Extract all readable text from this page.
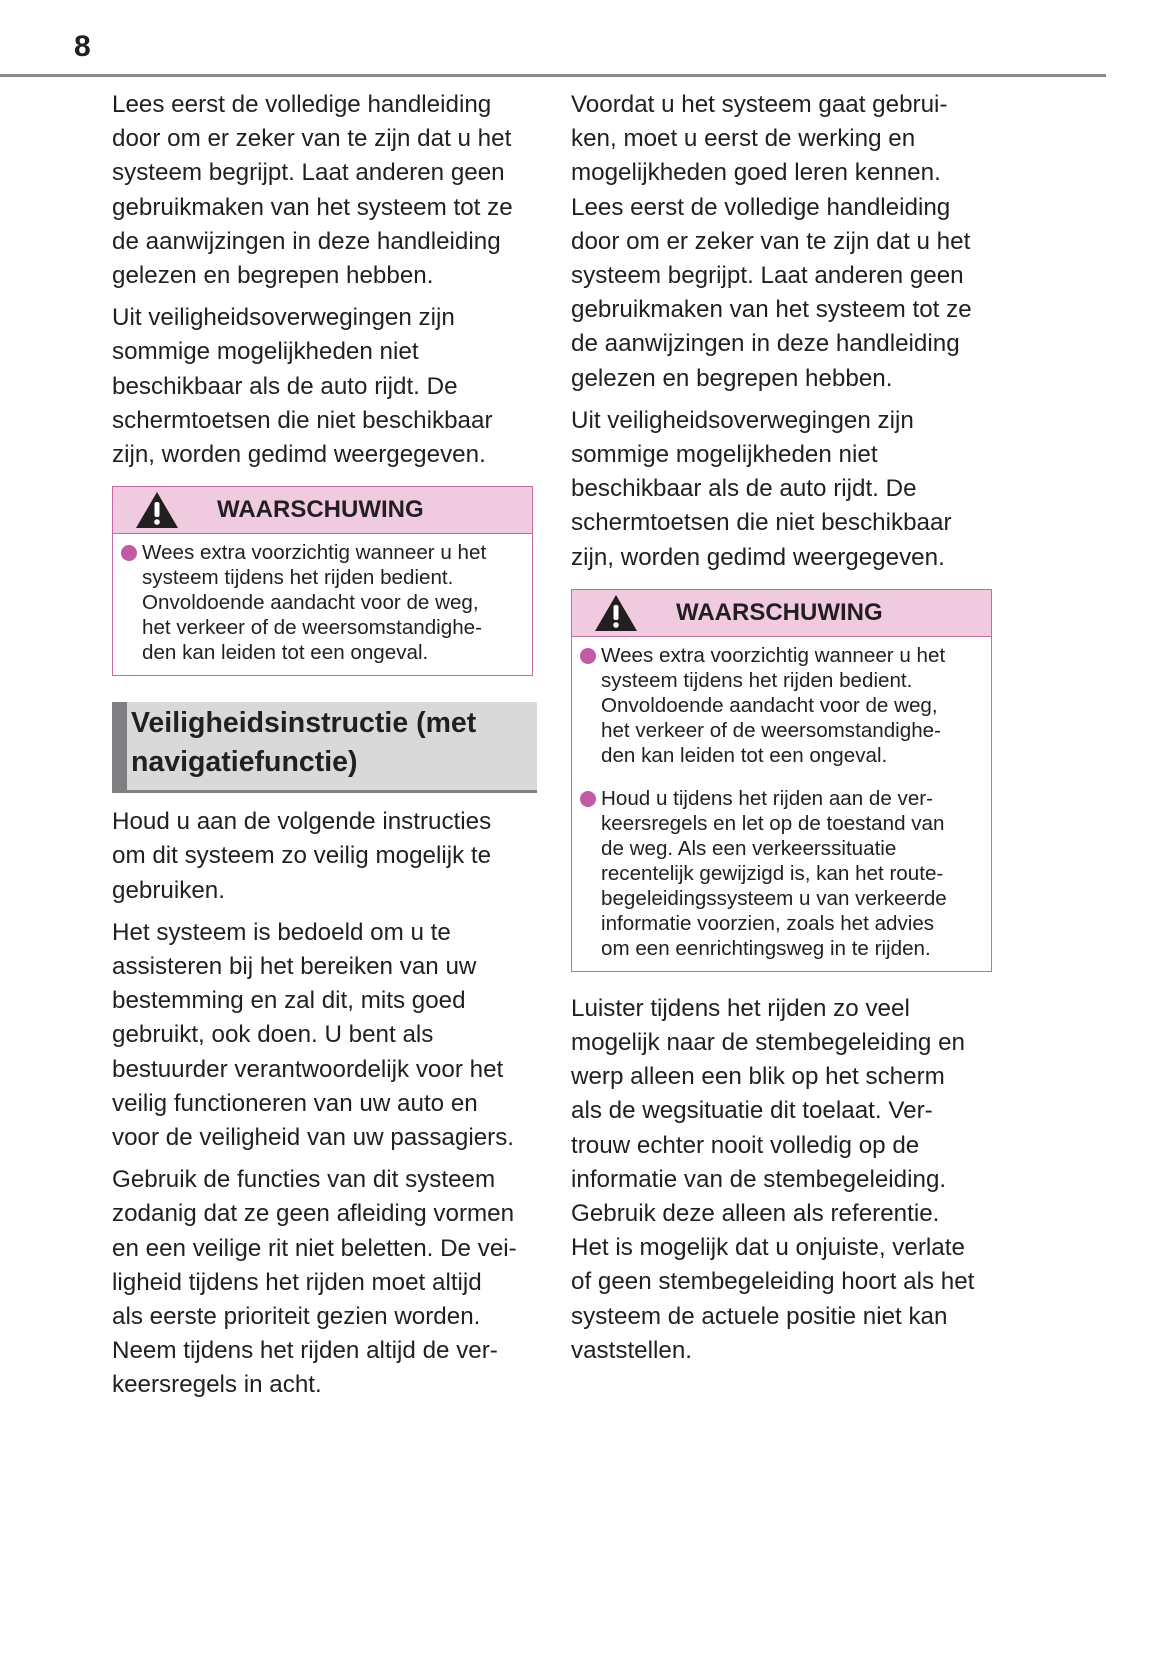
8

Lees eerst de volledige handleiding
door om er zeker van te zijn dat u het
systeem begrijpt. Laat anderen geen
gebruikmaken van het systeem tot ze
de aanwijzingen in deze handleiding
gelezen en begrepen hebben.

Uit veiligheidsoverwegingen zijn
sommige mogelijkheden niet
beschikbaar als de auto rijdt. De
schermtoetsen die niet beschikbaar
zijn, worden gedimd weergegeven.

WAARSCHUWING
Wees extra voorzichtig wanneer u het
systeem tijdens het rijden bedient.
Onvoldoende aandacht voor de weg,
het verkeer of de weersomstandighe-
den kan leiden tot een ongeval.
Veiligheidsinstructie (met
navigatiefunctie)

Houd u aan de volgende instructies
om dit systeem zo veilig mogelijk te
gebruiken.

Het systeem is bedoeld om u te
assisteren bij het bereiken van uw
bestemming en zal dit, mits goed
gebruikt, ook doen. U bent als
bestuurder verantwoordelijk voor het
veilig functioneren van uw auto en
voor de veiligheid van uw passagiers.

Gebruik de functies van dit systeem
zodanig dat ze geen afleiding vormen
en een veilige rit niet beletten. De vei-
ligheid tijdens het rijden moet altijd
als eerste prioriteit gezien worden.
Neem tijdens het rijden altijd de ver-
keersregels in acht.

Voordat u het systeem gaat gebrui-
ken, moet u eerst de werking en
mogelijkheden goed leren kennen.
Lees eerst de volledige handleiding
door om er zeker van te zijn dat u het
systeem begrijpt. Laat anderen geen
gebruikmaken van het systeem tot ze
de aanwijzingen in deze handleiding
gelezen en begrepen hebben.

Uit veiligheidsoverwegingen zijn
sommige mogelijkheden niet
beschikbaar als de auto rijdt. De
schermtoetsen die niet beschikbaar
zijn, worden gedimd weergegeven.

WAARSCHUWING
Wees extra voorzichtig wanneer u het
systeem tijdens het rijden bedient.
Onvoldoende aandacht voor de weg,
het verkeer of de weersomstandighe-
den kan leiden tot een ongeval.
Houd u tijdens het rijden aan de ver-
keersregels en let op de toestand van
de weg. Als een verkeerssituatie
recentelijk gewijzigd is, kan het route-
begeleidingssysteem u van verkeerde
informatie voorzien, zoals het advies
om een eenrichtingsweg in te rijden.

Luister tijdens het rijden zo veel
mogelijk naar de stembegeleiding en
werp alleen een blik op het scherm
als de wegsituatie dit toelaat. Ver-
trouw echter nooit volledig op de
informatie van de stembegeleiding.
Gebruik deze alleen als referentie.
Het is mogelijk dat u onjuiste, verlate
of geen stembegeleiding hoort als het
systeem de actuele positie niet kan
vaststellen.
